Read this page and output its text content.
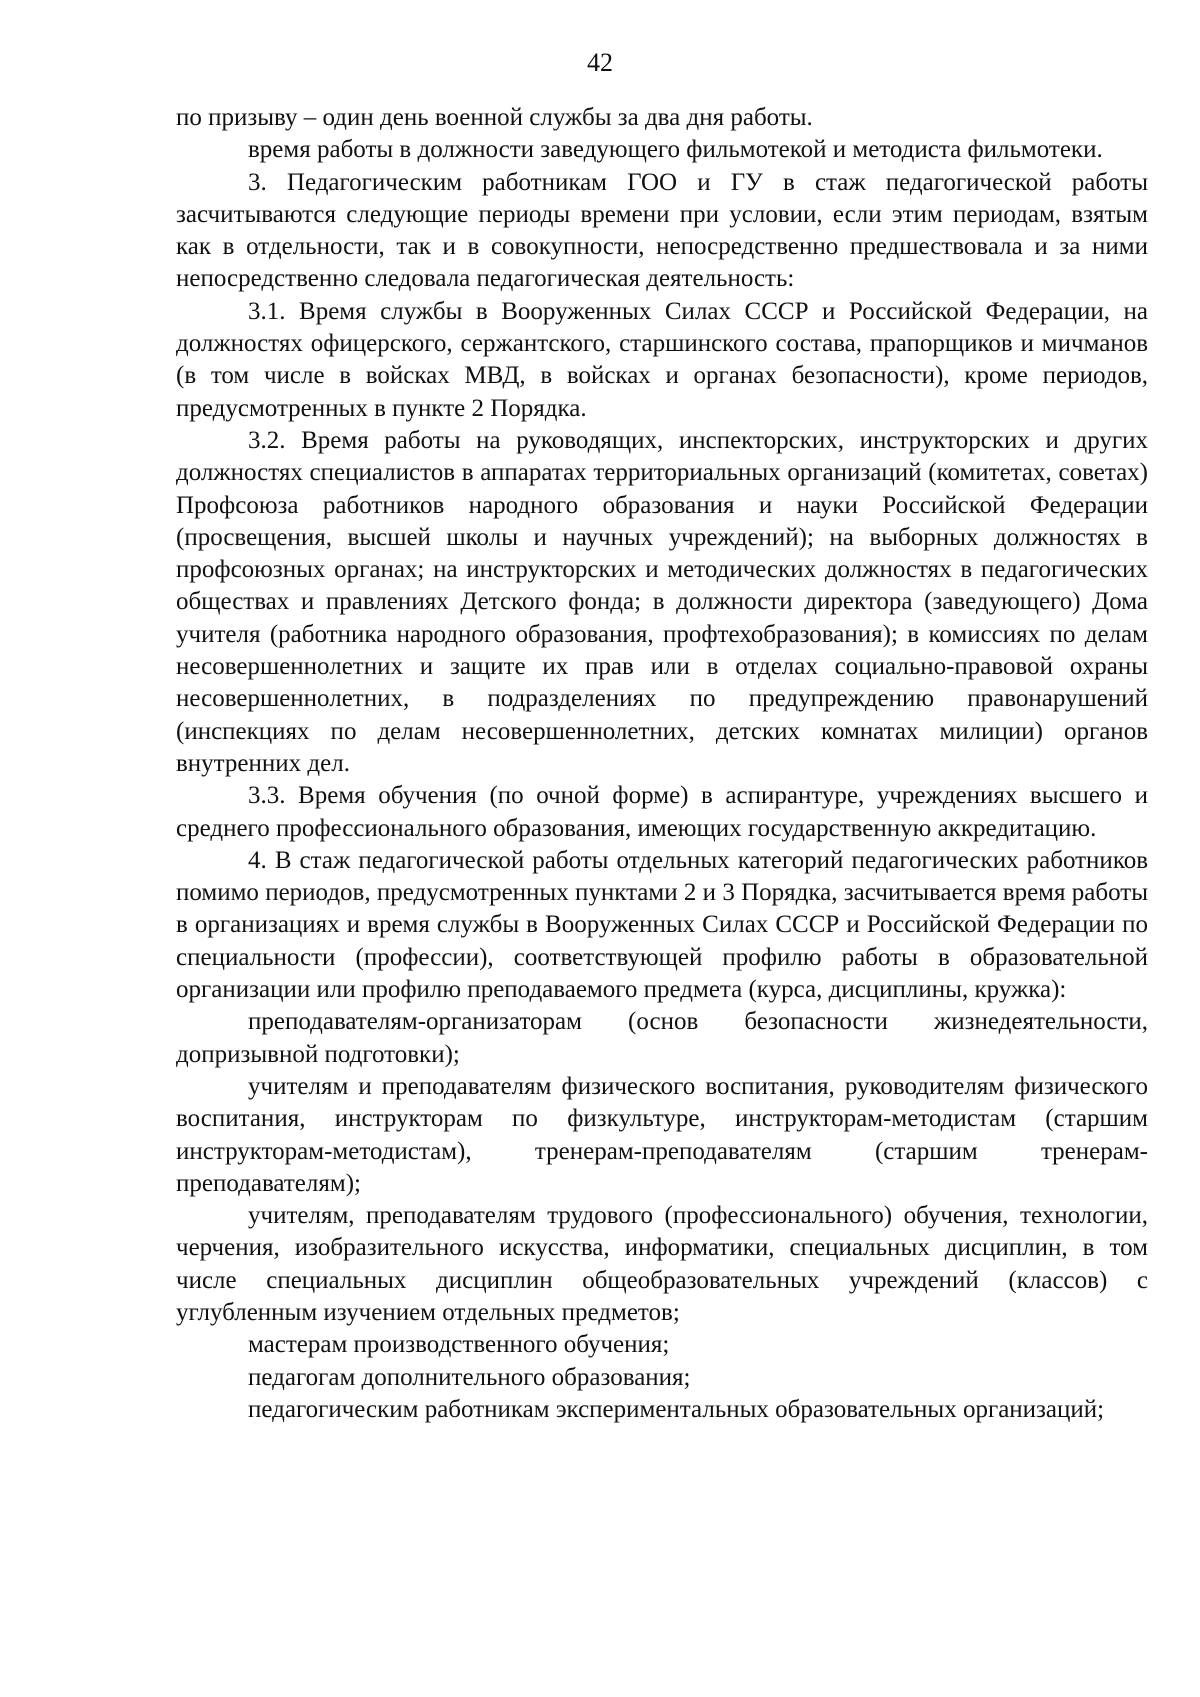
42

по призыву – один день военной службы за два дня работы.

время работы в должности заведующего фильмотекой и методиста фильмотеки.

3. Педагогическим работникам ГОО и ГУ в стаж педагогической работы засчитываются следующие периоды времени при условии, если этим периодам, взятым как в отдельности, так и в совокупности, непосредственно предшествовала и за ними непосредственно следовала педагогическая деятельность:

3.1. Время службы в Вооруженных Силах СССР и Российской Федерации, на должностях офицерского, сержантского, старшинского состава, прапорщиков и мичманов (в том числе в войсках МВД, в войсках и органах безопасности), кроме периодов, предусмотренных в пункте 2 Порядка.

3.2. Время работы на руководящих, инспекторских, инструкторских и других должностях специалистов в аппаратах территориальных организаций (комитетах, советах) Профсоюза работников народного образования и науки Российской Федерации (просвещения, высшей школы и научных учреждений); на выборных должностях в профсоюзных органах; на инструкторских и методических должностях в педагогических обществах и правлениях Детского фонда; в должности директора (заведующего) Дома учителя (работника народного образования, профтехобразования); в комиссиях по делам несовершеннолетних и защите их прав или в отделах социально-правовой охраны несовершеннолетних, в подразделениях по предупреждению правонарушений (инспекциях по делам несовершеннолетних, детских комнатах милиции) органов внутренних дел.

3.3. Время обучения (по очной форме) в аспирантуре, учреждениях высшего и среднего профессионального образования, имеющих государственную аккредитацию.

4. В стаж педагогической работы отдельных категорий педагогических работников помимо периодов, предусмотренных пунктами 2 и 3 Порядка, засчитывается время работы в организациях и время службы в Вооруженных Силах СССР и Российской Федерации по специальности (профессии), соответствующей профилю работы в образовательной организации или профилю преподаваемого предмета (курса, дисциплины, кружка):

преподавателям-организаторам (основ безопасности жизнедеятельности, допризывной подготовки);

учителям и преподавателям физического воспитания, руководителям физического воспитания, инструкторам по физкультуре, инструкторам-методистам (старшим инструкторам-методистам), тренерам-преподавателям (старшим тренерам-преподавателям);

учителям, преподавателям трудового (профессионального) обучения, технологии, черчения, изобразительного искусства, информатики, специальных дисциплин, в том числе специальных дисциплин общеобразовательных учреждений (классов) с углубленным изучением отдельных предметов;

мастерам производственного обучения;

педагогам дополнительного образования;

педагогическим работникам экспериментальных образовательных организаций;
